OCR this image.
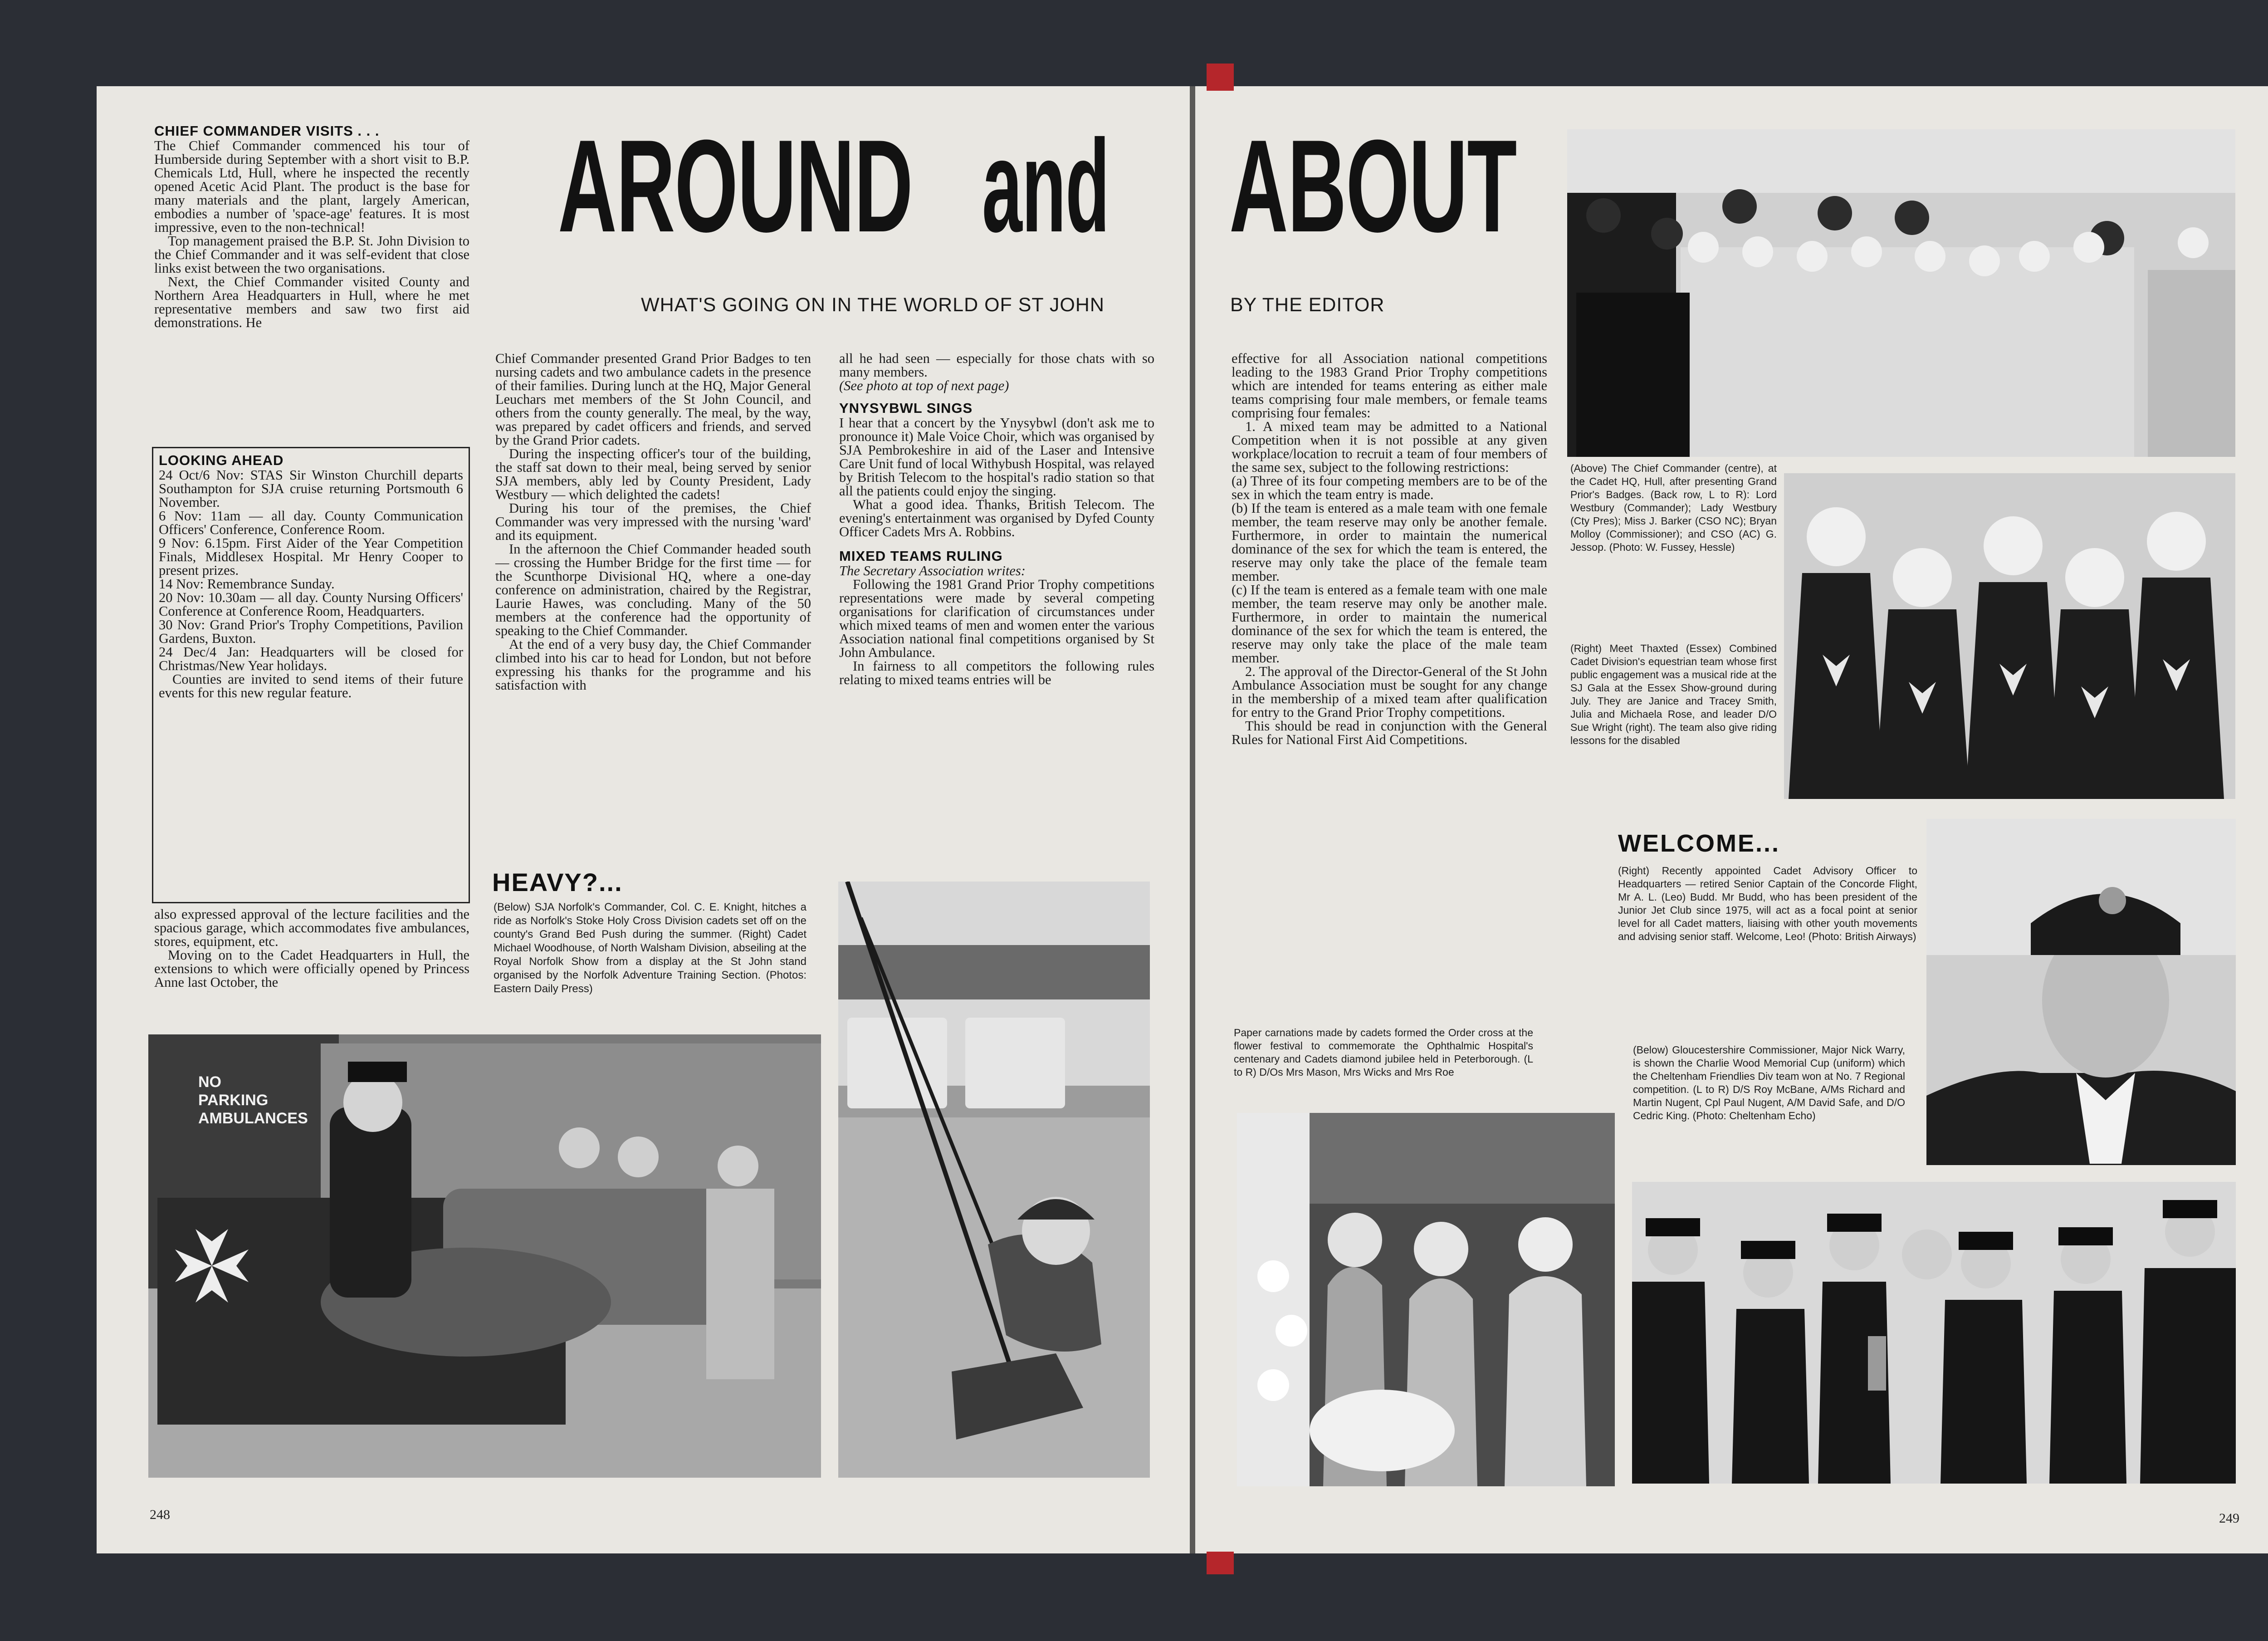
AROUND and ABOUT
WHAT'S GOING ON IN THE WORLD OF ST JOHN	BY THE EDITOR
CHIEF COMMANDER VISITS . . .
The Chief Commander commenced his tour of Humberside during September with a short visit to B.P. Chemicals Ltd, Hull, where he inspected the recently opened Acetic Acid Plant. The product is the base for many materials and the plant, largely American, embodies a number of 'space-age' features. It is most impressive, even to the non-technical!
Top management praised the B.P. St. John Division to the Chief Commander and it was self-evident that close links exist between the two organisations.
Next, the Chief Commander visited County and Northern Area Headquarters in Hull, where he met representative members and saw two first aid demonstrations. He
LOOKING AHEAD
24 Oct/6 Nov: STAS Sir Winston Churchill departs Southampton for SJA cruise returning Portsmouth 6 November.
6 Nov: 11am — all day. County Communication Officers' Conference, Conference Room.
9 Nov: 6.15pm. First Aider of the Year Competition Finals, Middlesex Hospital. Mr Henry Cooper to present prizes.
14 Nov: Remembrance Sunday.
20 Nov: 10.30am — all day. County Nursing Officers' Conference at Conference Room, Headquarters.
30 Nov: Grand Prior's Trophy Competitions, Pavilion Gardens, Buxton.
24 Dec/4 Jan: Headquarters will be closed for Christmas/New Year holidays.
Counties are invited to send items of their future events for this new regular feature.
also expressed approval of the lecture facilities and the spacious garage, which accommodates five ambulances, stores, equipment, etc.
Moving on to the Cadet Headquarters in Hull, the extensions to which were officially opened by Princess Anne last October, the
Chief Commander presented Grand Prior Badges to ten nursing cadets and two ambulance cadets in the presence of their families. During lunch at the HQ, Major General Leuchars met members of the St John Council, and others from the county generally. The meal, by the way, was prepared by cadet officers and friends, and served by the Grand Prior cadets.
During the inspecting officer's tour of the building, the staff sat down to their meal, being served by senior SJA members, ably led by County President, Lady Westbury — which delighted the cadets!
During his tour of the premises, the Chief Commander was very impressed with the nursing 'ward' and its equipment.
In the afternoon the Chief Commander headed south — crossing the Humber Bridge for the first time — for the Scunthorpe Divisional HQ, where a one-day conference on administration, chaired by the Registrar, Laurie Hawes, was concluding. Many of the 50 members at the conference had the opportunity of speaking to the Chief Commander.
At the end of a very busy day, the Chief Commander climbed into his car to head for London, but not before expressing his thanks for the programme and his satisfaction with
HEAVY?...
(Below) SJA Norfolk's Commander, Col. C. E. Knight, hitches a ride as Norfolk's Stoke Holy Cross Division cadets set off on the county's Grand Bed Push during the summer. (Right) Cadet Michael Woodhouse, of North Walsham Division, abseiling at the Royal Norfolk Show from a display at the St John stand organised by the Norfolk Adventure Training Section. (Photos: Eastern Daily Press)
all he had seen — especially for those chats with so many members.
(See photo at top of next page)
YNYSYBWL SINGS
I hear that a concert by the Ynysybwl (don't ask me to pronounce it) Male Voice Choir, which was organised by SJA Pembrokeshire in aid of the Laser and Intensive Care Unit fund of local Withybush Hospital, was relayed by British Telecom to the hospital's radio station so that all the patients could enjoy the singing.
What a good idea. Thanks, British Telecom. The evening's entertainment was organised by Dyfed County Officer Cadets Mrs A. Robbins.
MIXED TEAMS RULING
The Secretary Association writes:
Following the 1981 Grand Prior Trophy competitions representations were made by several competing organisations for clarification of circumstances under which mixed teams of men and women enter the various Association national final competitions organised by St John Ambulance.
In fairness to all competitors the following rules relating to mixed teams entries will be
NO PARKING AMBULANCES
248
effective for all Association national competitions leading to the 1983 Grand Prior Trophy competitions which are intended for teams entering as either male teams comprising four male members, or female teams comprising four females:
1. A mixed team may be admitted to a National Competition when it is not possible at any given workplace/location to recruit a team of four members of the same sex, subject to the following restrictions:
(a) Three of its four competing members are to be of the sex in which the team entry is made.
(b) If the team is entered as a male team with one female member, the team reserve may only be another female. Furthermore, in order to maintain the numerical dominance of the sex for which the team is entered, the reserve may only take the place of the female team member.
(c) If the team is entered as a female team with one male member, the team reserve may only be another male. Furthermore, in order to maintain the numerical dominance of the sex for which the team is entered, the reserve may only take the place of the male team member.
2. The approval of the Director-General of the St John Ambulance Association must be sought for any change in the membership of a mixed team after qualification for entry to the Grand Prior Trophy competitions.
This should be read in conjunction with the General Rules for National First Aid Competitions.
(Above) The Chief Commander (centre), at the Cadet HQ, Hull, after presenting Grand Prior's Badges. (Back row, L to R): Lord Westbury (Commander); Lady Westbury (Cty Pres); Miss J. Barker (CSO NC); Bryan Molloy (Commissioner); and CSO (AC) G. Jessop. (Photo: W. Fussey, Hessle)
(Right) Meet Thaxted (Essex) Combined Cadet Division's equestrian team whose first public engagement was a musical ride at the SJ Gala at the Essex Show-ground during July. They are Janice and Tracey Smith, Julia and Michaela Rose, and leader D/O Sue Wright (right). The team also give riding lessons for the disabled
WELCOME...
(Right) Recently appointed Cadet Advisory Officer to Headquarters — retired Senior Captain of the Concorde Flight, Mr A. L. (Leo) Budd. Mr Budd, who has been president of the Junior Jet Club since 1975, will act as a focal point at senior level for all Cadet matters, liaising with other youth movements and advising senior staff. Welcome, Leo! (Photo: British Airways)
Paper carnations made by cadets formed the Order cross at the flower festival to commemorate the Ophthalmic Hospital's centenary and Cadets diamond jubilee held in Peterborough. (L to R) D/Os Mrs Mason, Mrs Wicks and Mrs Roe
(Below) Gloucestershire Commissioner, Major Nick Warry, is shown the Charlie Wood Memorial Cup (uniform) which the Cheltenham Friendlies Div team won at No. 7 Regional competition. (L to R) D/S Roy McBane, A/Ms Richard and Martin Nugent, Cpl Paul Nugent, A/M David Safe, and D/O Cedric King. (Photo: Cheltenham Echo)
249
